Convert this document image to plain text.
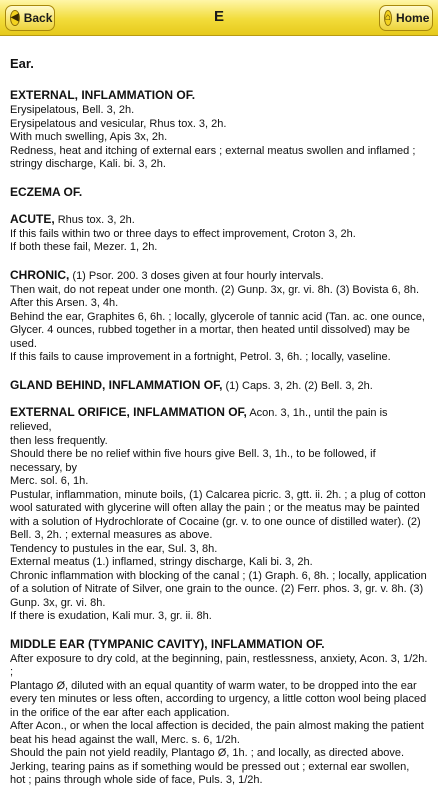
◀ Back	E	⌂ Home
Ear.
EXTERNAL, INFLAMMATION OF.
Erysipelatous, Bell. 3, 2h.
Erysipelatous and vesicular, Rhus tox. 3, 2h.
With much swelling, Apis 3x, 2h.
Redness, heat and itching of external ears ; external meatus swollen and inflamed ;
stringy discharge, Kali. bi. 3, 2h.
ECZEMA OF.
ACUTE, Rhus tox. 3, 2h.
If this fails within two or three days to effect improvement, Croton 3, 2h.
If both these fail, Mezer. 1, 2h.
CHRONIC, (1) Psor. 200. 3 doses given at four hourly intervals.
Then wait, do not repeat under one month. (2) Gunp. 3x, gr. vi. 8h. (3) Bovista 6, 8h.
After this Arsen. 3, 4h.
Behind the ear, Graphites 6, 6h. ; locally, glycerole of tannic acid (Tan. ac. one ounce,
Glycer. 4 ounces, rubbed together in a mortar, then heated until dissolved) may be
used.
If this fails to cause improvement in a fortnight, Petrol. 3, 6h. ; locally, vaseline.
GLAND BEHIND, INFLAMMATION OF, (1) Caps. 3, 2h. (2) Bell. 3, 2h.
EXTERNAL ORIFICE, INFLAMMATION OF, Acon. 3, 1h., until the pain is relieved,
then less frequently.
Should there be no relief within five hours give Bell. 3, 1h., to be followed, if necessary, by
Merc. sol. 6, 1h.
Pustular, inflammation, minute boils, (1) Calcarea picric. 3, gtt. ii. 2h. ; a plug of cotton
wool saturated with glycerine will often allay the pain ; or the meatus may be painted
with a solution of Hydrochlorate of Cocaine (gr. v. to one ounce of distilled water). (2)
Bell. 3, 2h. ; external measures as above.
Tendency to pustules in the ear, Sul. 3, 8h.
External meatus (1.) inflamed, stringy discharge, Kali bi. 3, 2h.
Chronic inflammation with blocking of the canal ; (1) Graph. 6, 8h. ; locally, application
of a solution of Nitrate of Silver, one grain to the ounce. (2) Ferr. phos. 3, gr. v. 8h. (3)
Gunp. 3x, gr. vi. 8h.
If there is exudation, Kali mur. 3, gr. ii. 8h.
MIDDLE EAR (TYMPANIC CAVITY), INFLAMMATION OF.
After exposure to dry cold, at the beginning, pain, restlessness, anxiety, Acon. 3, 1/2h. ;
Plantago Ø, diluted with an equal quantity of warm water, to be dropped into the ear
every ten minutes or less often, according to urgency, a little cotton wool being placed
in the orifice of the ear after each application.
After Acon., or when the local affection is decided, the pain almost making the patient
beat his head against the wall, Merc. s. 6, 1/2h.
Should the pain not yield readily, Plantago Ø, 1h. ; and locally, as directed above.
Jerking, tearing pains as if something would be pressed out ; external ear swollen,
hot ; pains through whole side of face, Puls. 3, 1/2h.
